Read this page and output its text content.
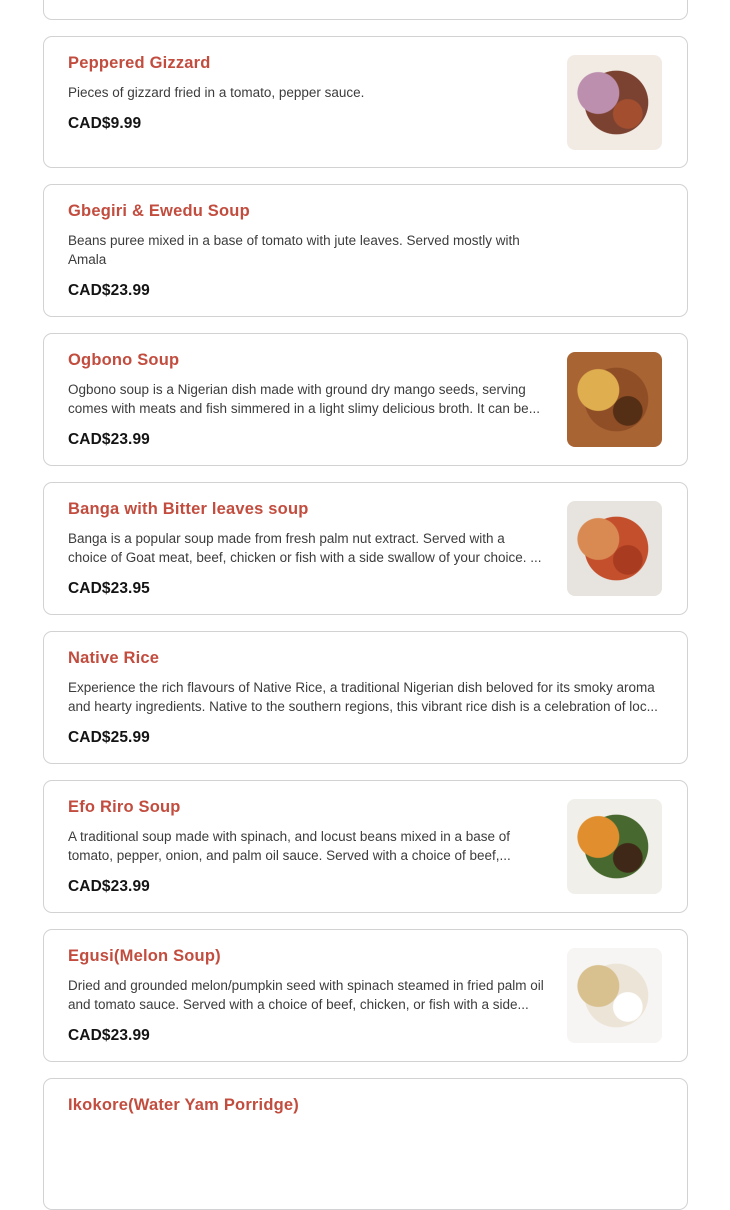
Peppered Gizzard

Pieces of gizzard fried in a tomato, pepper sauce.

CAD$9.99
Gbegiri & Ewedu Soup

Beans puree mixed in a base of tomato with jute leaves. Served mostly with Amala

CAD$23.99
Ogbono Soup

Ogbono soup is a Nigerian dish made with ground dry mango seeds, serving comes with meats and fish simmered in a light slimy delicious broth. It can be...

CAD$23.99
Banga with Bitter leaves soup

Banga is a popular soup made from fresh palm nut extract. Served with a choice of Goat meat, beef, chicken or fish with a side swallow of your choice. ...

CAD$23.95
Native Rice

Experience the rich flavours of Native Rice, a traditional Nigerian dish beloved for its smoky aroma and hearty ingredients. Native to the southern regions, this vibrant rice dish is a celebration of loc...

CAD$25.99
Efo Riro Soup

A traditional soup made with spinach, and locust beans mixed in a base of tomato, pepper, onion, and palm oil sauce. Served with a choice of beef,...

CAD$23.99
Egusi(Melon Soup)

Dried and grounded melon/pumpkin seed with spinach steamed in fried palm oil and tomato sauce. Served with a choice of beef, chicken, or fish with a side...

CAD$23.99
Ikokore(Water Yam Porridge)
